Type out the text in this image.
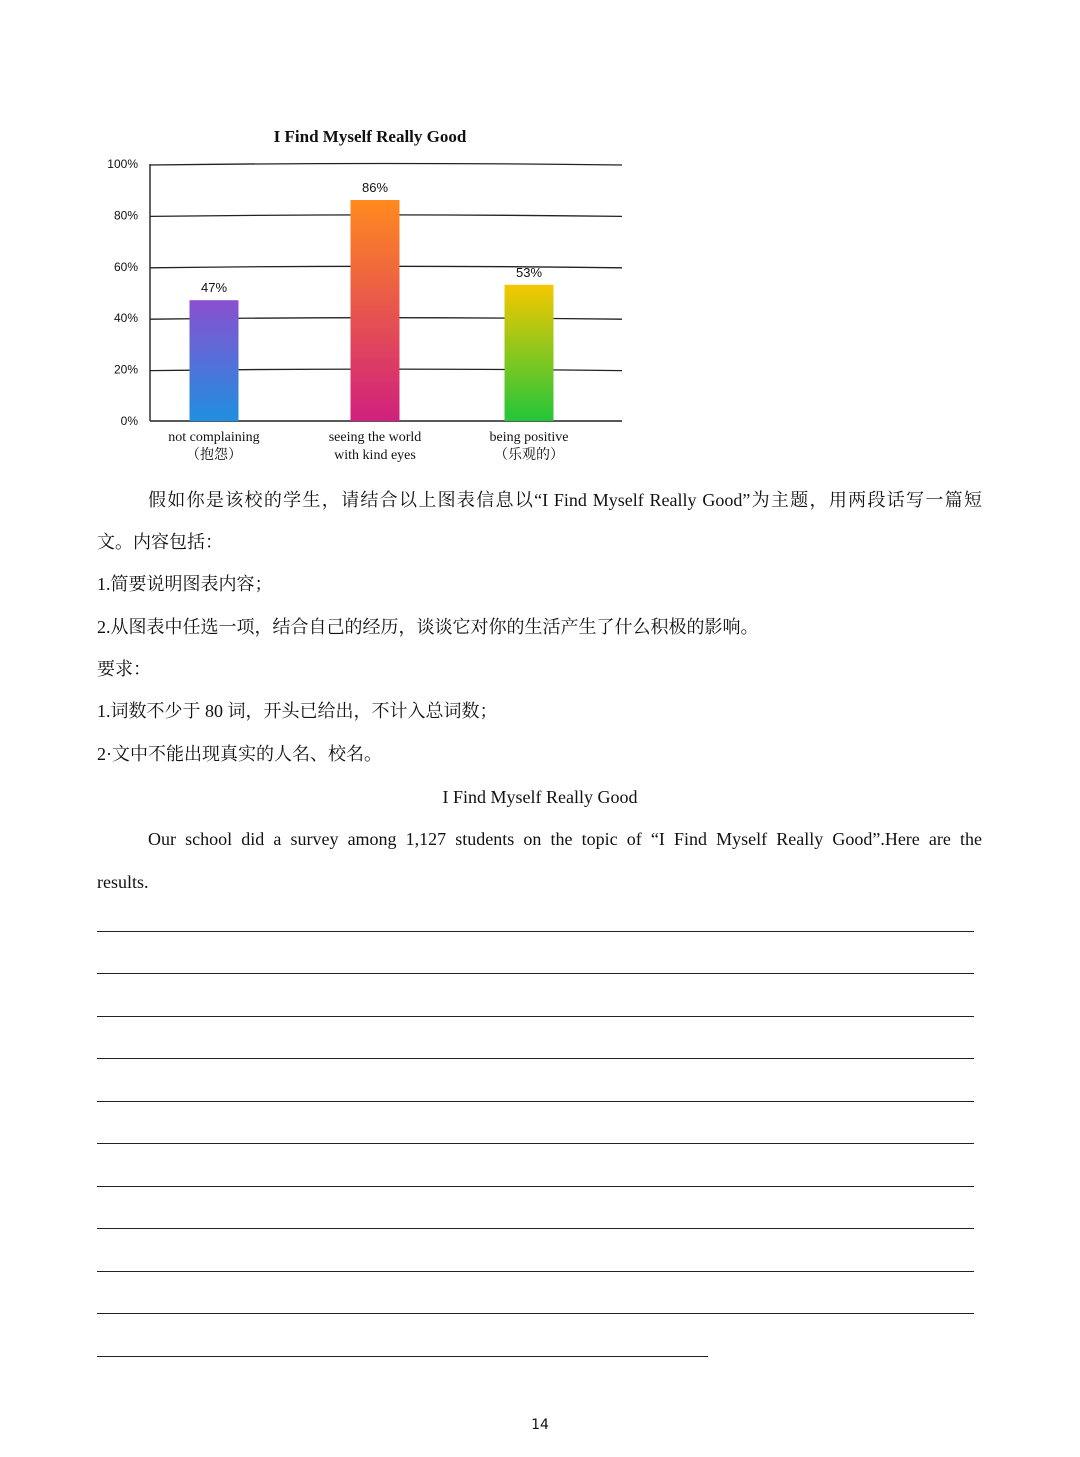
I Find Myself Really Good
0%
20%
40%
60%
80%
100%
47%
86%
53%
not complaining
（抱怨）
seeing the world
with kind eyes
being positive
（乐观的）
假如你是该校的学生，请结合以上图表信息以“I Find Myself Really Good”为主题，用两段话写一篇短
文。内容包括：
1.简要说明图表内容；
2.从图表中任选一项，结合自己的经历，谈谈它对你的生活产生了什么积极的影响。
要求：
1.词数不少于 80 词，开头已给出，不计入总词数；
2·文中不能出现真实的人名、校名。
I Find Myself Really Good
Our school did a survey among 1,127 students on the topic of “I Find Myself Really Good”.Here are the
results.
14
